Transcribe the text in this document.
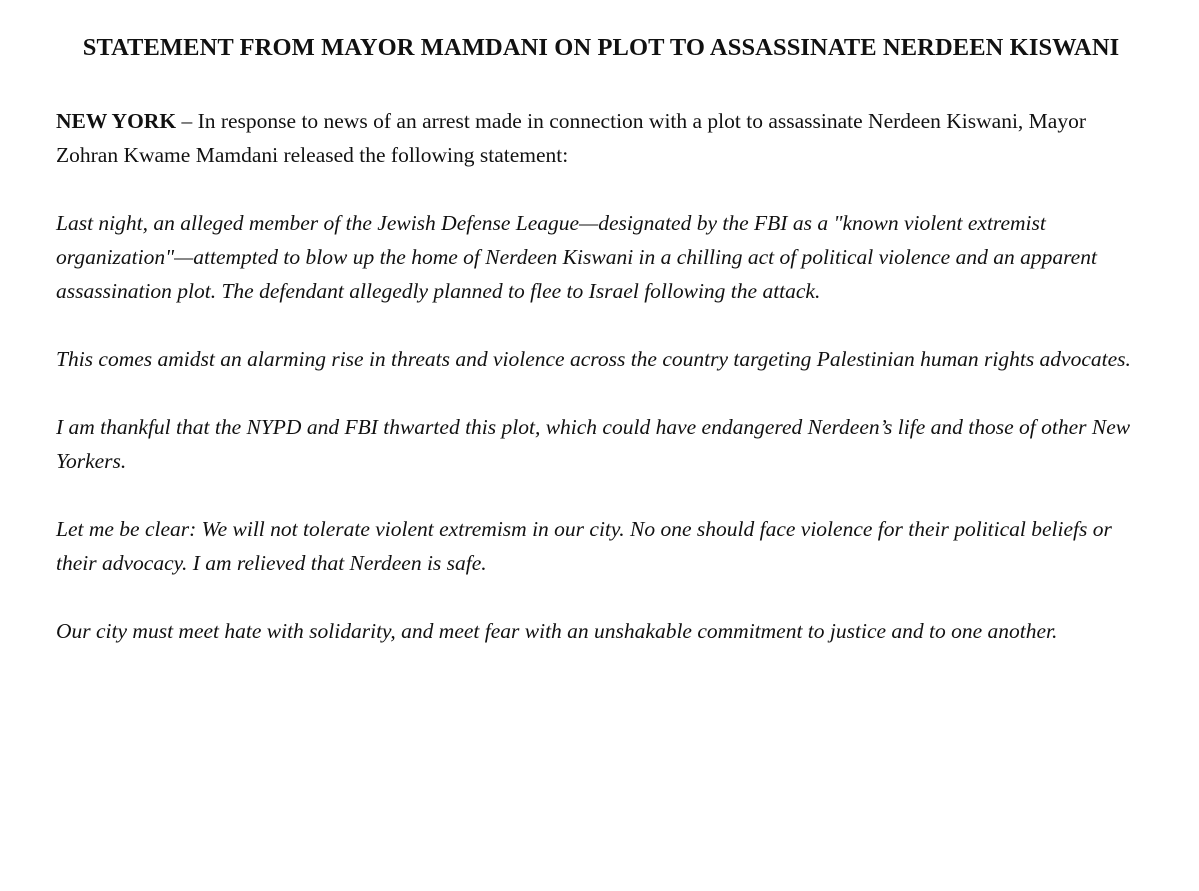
STATEMENT FROM MAYOR MAMDANI ON PLOT TO ASSASSINATE NERDEEN KISWANI

NEW YORK – In response to news of an arrest made in connection with a plot to assassinate Nerdeen Kiswani, Mayor Zohran Kwame Mamdani released the following statement:

Last night, an alleged member of the Jewish Defense League—designated by the FBI as a "known violent extremist organization"—attempted to blow up the home of Nerdeen Kiswani in a chilling act of political violence and an apparent assassination plot. The defendant allegedly planned to flee to Israel following the attack.

This comes amidst an alarming rise in threats and violence across the country targeting Palestinian human rights advocates.

I am thankful that the NYPD and FBI thwarted this plot, which could have endangered Nerdeen’s life and those of other New Yorkers.

Let me be clear: We will not tolerate violent extremism in our city. No one should face violence for their political beliefs or their advocacy. I am relieved that Nerdeen is safe.

Our city must meet hate with solidarity, and meet fear with an unshakable commitment to justice and to one another.
